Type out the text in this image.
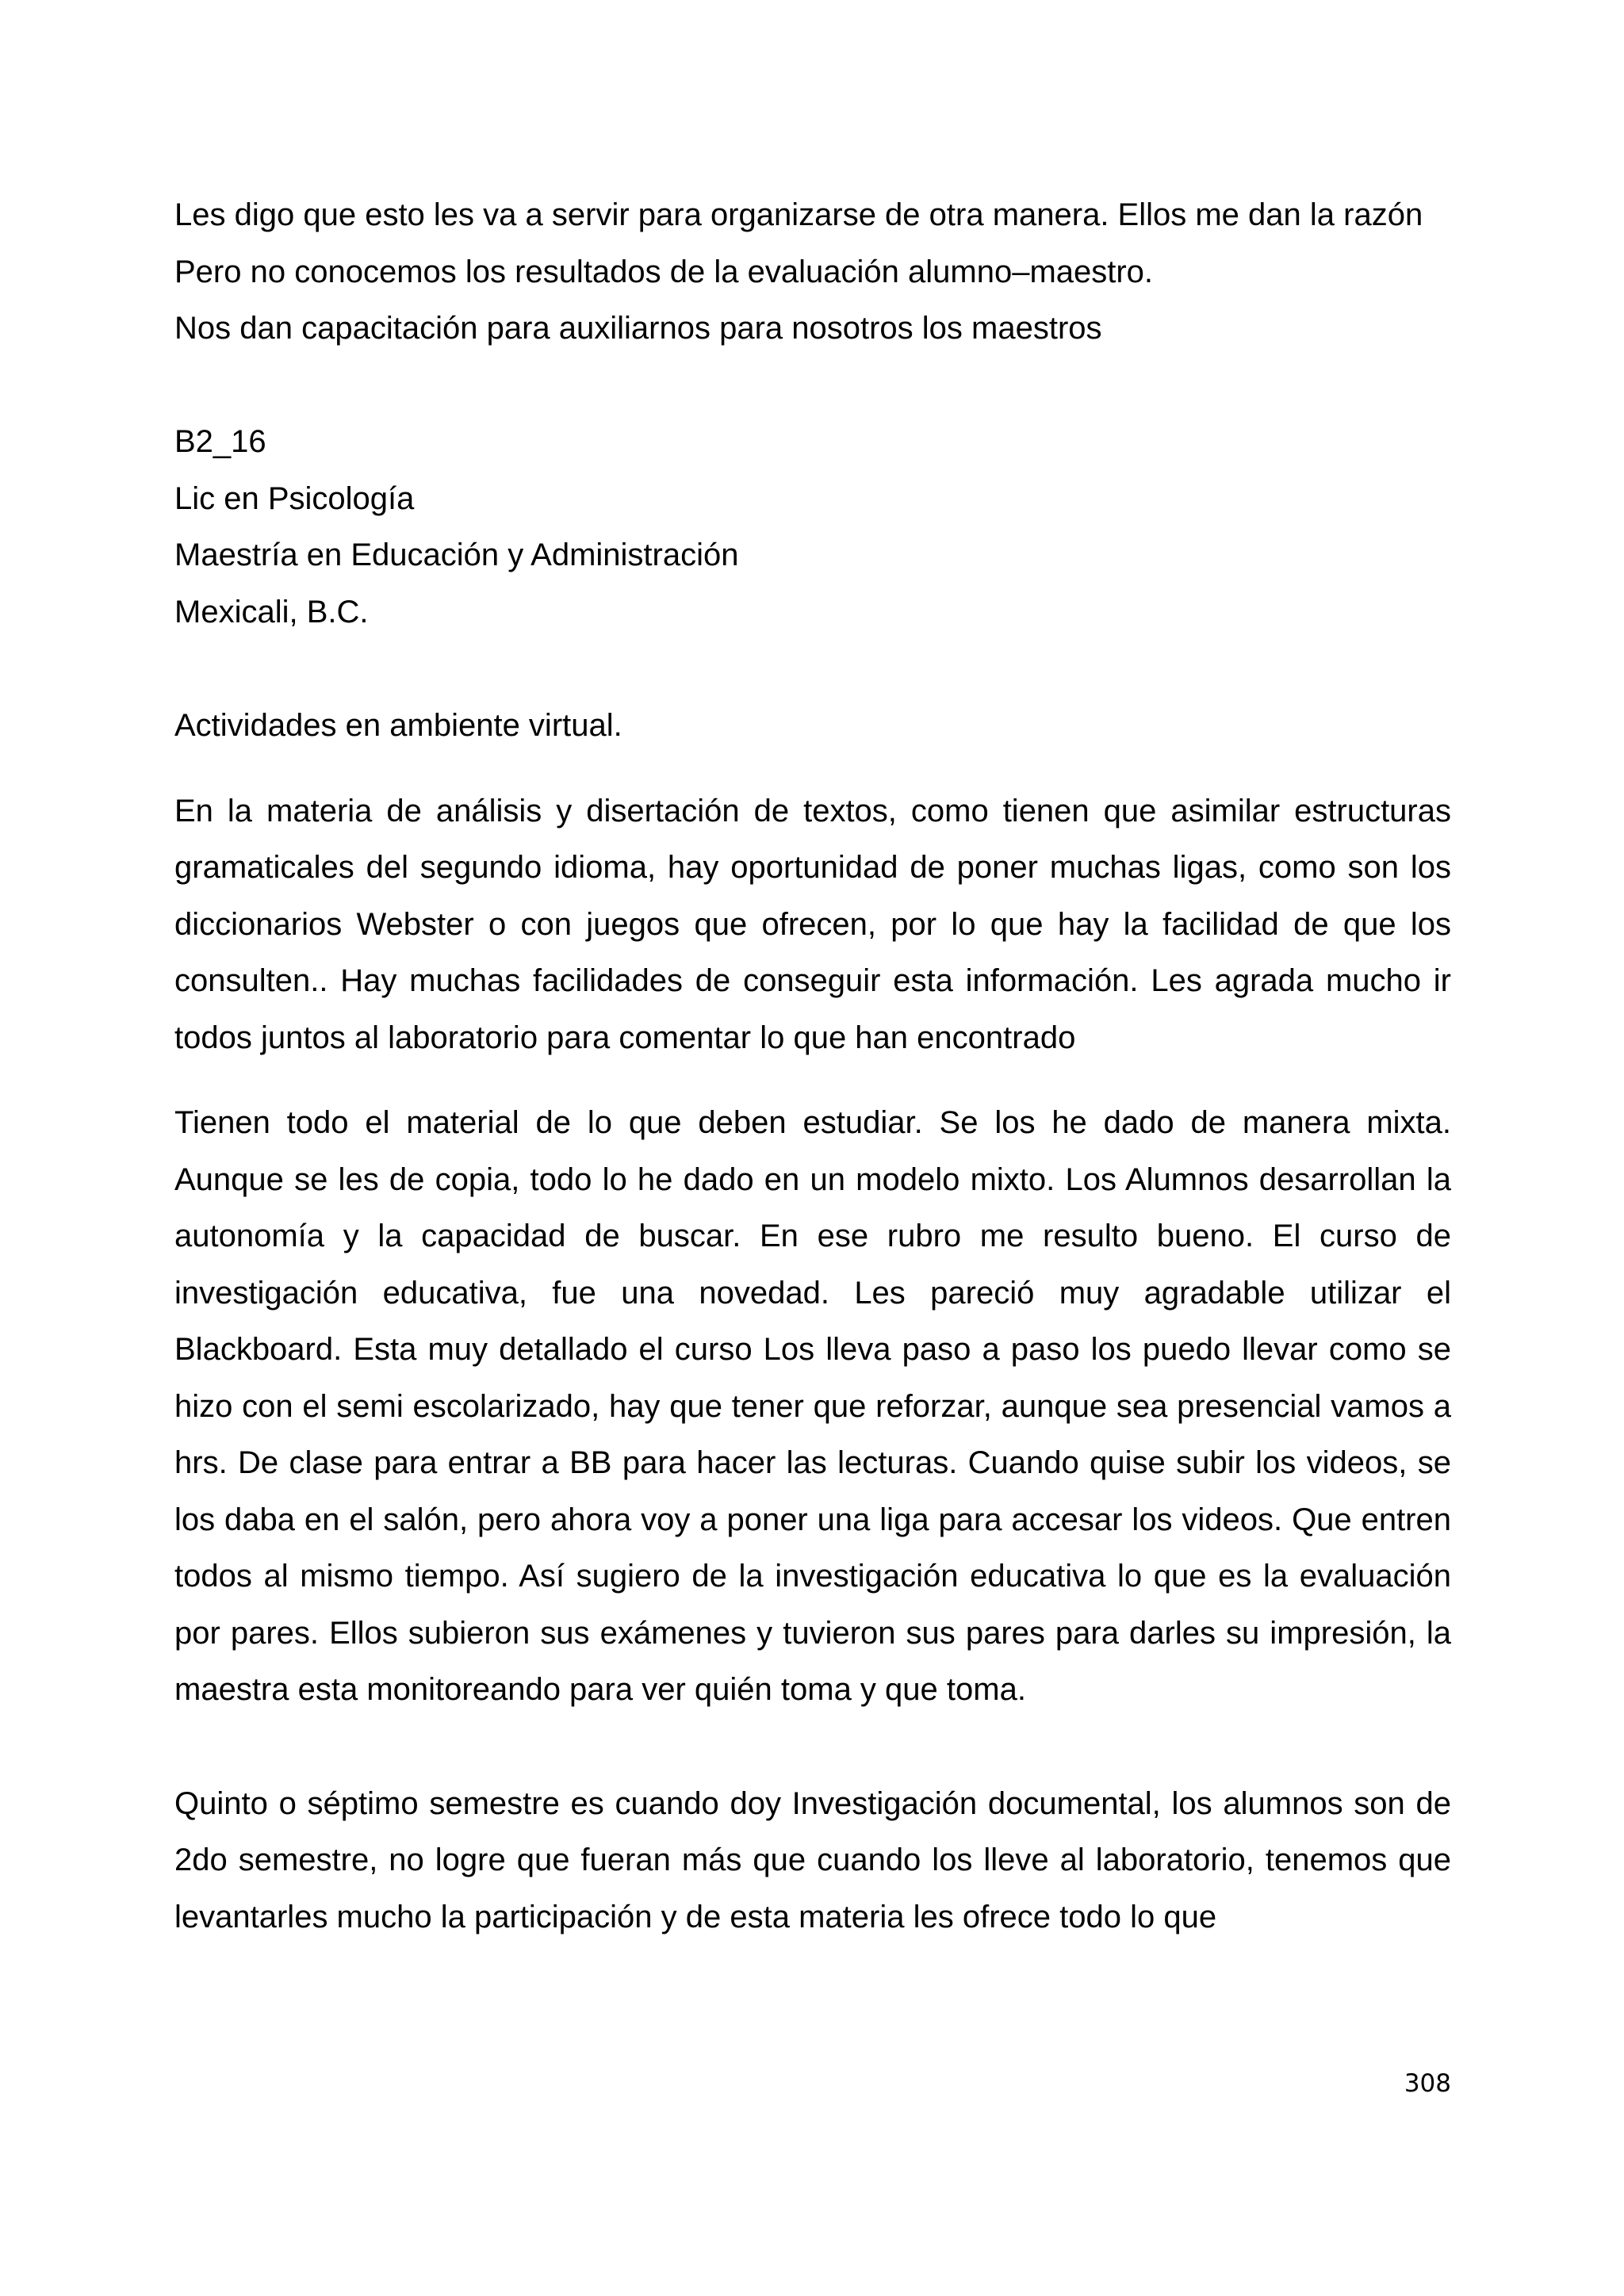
Les digo que esto les va a servir para organizarse de otra manera. Ellos me dan la razón

Pero no conocemos los resultados de la evaluación alumno–maestro.

Nos dan capacitación para auxiliarnos para nosotros los maestros

B2_16

Lic en Psicología

Maestría en Educación y Administración

Mexicali, B.C.

Actividades en ambiente virtual.

En la materia de análisis y disertación de textos, como tienen que asimilar estructuras gramaticales del segundo idioma, hay oportunidad de poner muchas ligas, como son los diccionarios Webster o con juegos que ofrecen, por lo que hay la facilidad de que los consulten.. Hay muchas facilidades de conseguir esta información. Les agrada mucho ir todos juntos al laboratorio para comentar lo que han encontrado

Tienen todo el material de lo que deben estudiar. Se los he dado de manera mixta. Aunque se les de copia, todo lo he dado en un modelo mixto. Los Alumnos desarrollan la autonomía y la capacidad de buscar. En ese rubro me resulto bueno. El curso de investigación educativa, fue una novedad. Les pareció muy agradable utilizar el Blackboard. Esta muy detallado el curso Los lleva paso a paso los puedo llevar como se hizo con el semi escolarizado, hay que tener que reforzar, aunque sea presencial vamos a hrs. De clase para entrar a BB para hacer las lecturas. Cuando quise subir los videos, se los daba en el salón, pero ahora voy a poner una liga para accesar los videos. Que entren todos al mismo tiempo. Así sugiero de la investigación educativa lo que es la evaluación por pares. Ellos subieron sus exámenes y tuvieron sus pares para darles su impresión, la maestra esta monitoreando para ver quién toma y que toma.

Quinto o séptimo semestre es cuando doy Investigación documental, los alumnos son de 2do semestre, no logre que fueran más que cuando los lleve al laboratorio, tenemos que levantarles mucho la participación y de esta materia les ofrece todo lo que

308
